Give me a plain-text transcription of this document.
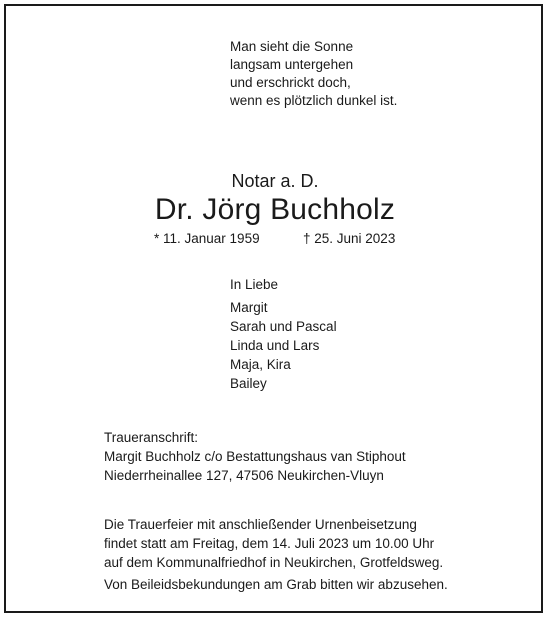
Man sieht die Sonne
langsam untergehen
und erschrickt doch,
wenn es plötzlich dunkel ist.
Notar a. D.
Dr. Jörg Buchholz
* 11. Januar 1959	† 25. Juni 2023
In Liebe
Margit
Sarah und Pascal
Linda und Lars
Maja, Kira
Bailey
Traueranschrift:
Margit Buchholz c/o Bestattungshaus van Stiphout
Niederrheinallee 127, 47506 Neukirchen-Vluyn
Die Trauerfeier mit anschließender Urnenbeisetzung
findet statt am Freitag, dem 14. Juli 2023 um 10.00 Uhr
auf dem Kommunalfriedhof in Neukirchen, Grotfeldsweg.
Von Beileidsbekundungen am Grab bitten wir abzusehen.
